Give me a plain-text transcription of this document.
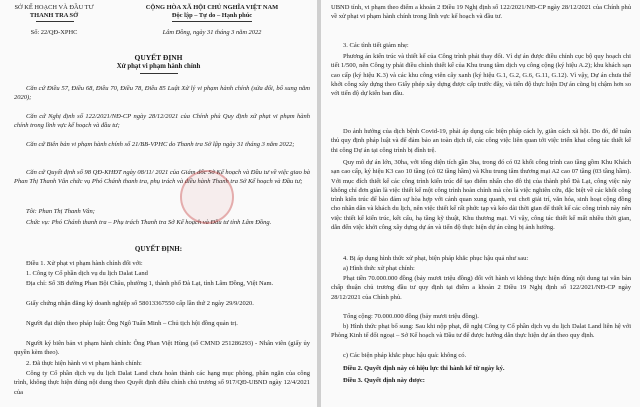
SỞ KẾ HOẠCH VÀ ĐẦU TƯ
THANH TRA SỞ
Số: 22/QĐ-XPHC
CỘNG HÒA XÃ HỘI CHỦ NGHĨA VIỆT NAM
Độc lập – Tự do – Hạnh phúc
Lâm Đồng, ngày 31 tháng 3 năm 2022
QUYẾT ĐỊNH
Xử phạt vi phạm hành chính
Căn cứ Điều 57, Điều 68, Điều 70, Điều 78, Điều 85 Luật Xử lý vi phạm hành chính (sửa đổi, bổ sung năm 2020);
Căn cứ Nghị định số 122/2021/NĐ-CP ngày 28/12/2021 của Chính phủ Quy định xử phạt vi phạm hành chính trong lĩnh vực kế hoạch và đầu tư;
Căn cứ Biên bản vi phạm hành chính số 21/BB-VPHC do Thanh tra Sở lập ngày 31 tháng 3 năm 2022;
Căn cứ Quyết định số 98 QĐ-KHĐT ngày 08/11/ 2021 của Giám đốc Sở Kế hoạch và Đầu tư về việc giao bà Phan Thị Thanh Vân chức vụ Phó Chánh thanh tra, phụ trách và điều hành Thanh tra Sở Kế hoạch và Đầu tư;
Tôi: Phan Thị Thanh Vân;
Chức vụ: Phó Chánh thanh tra – Phụ trách Thanh tra Sở Kế hoạch và Đầu tư tỉnh Lâm Đồng.
QUYẾT ĐỊNH:
Điều 1. Xử phạt vi phạm hành chính đối với:
1. Công ty Cổ phần dịch vụ du lịch Dalat Land
Địa chỉ: Số 3B đường Phan Bội Châu, phường 1, thành phố Đà Lạt, tỉnh Lâm Đồng, Việt Nam.
Giấy chứng nhận đăng ký doanh nghiệp số 58013367550 cấp lần thứ 2 ngày 29/9/2020.
Người đại diện theo pháp luật: Ông Ngô Tuấn Minh – Chủ tịch hội đồng quản trị.
Người ký biên bản vi phạm hành chính: Ông Phan Việt Hùng (số CMND 251286293) - Nhân viên (giấy ủy quyền kèm theo).
2. Đã thực hiện hành vi vi phạm hành chính:
Công ty Cổ phần dịch vụ du lịch Dalat Land chưa hoàn thành các hạng mục phòng, phân ngăn của công trình, không thực hiện đúng nội dung theo Quyết định điều chỉnh chủ trương số 917/QĐ-UBND ngày 12/4/2021 của
UBND tỉnh, vi phạm theo điểm a khoản 2 Điều 19 Nghị định số 122/2021/NĐ-CP ngày 28/12/2021 của Chính phủ về xử phạt vi phạm hành chính trong lĩnh vực kế hoạch và đầu tư.
3. Các tình tiết giảm nhẹ:
Phương án kiến trúc và thiết kế của Công trình phải thay đổi. Vì dự án được điều chỉnh cục bộ quy hoạch chi tiết 1/500, nên Công ty phải điều chỉnh thiết kế của Khu trung tâm dịch vụ công cộng (ký hiệu A.2); khu khách sạn cao cấp (ký hiệu K.3) và các khu công viên cây xanh (ký hiệu G.1, G.2, G.6, G.11, G.12). Vì vậy, Dự án chưa thể khởi công xây dựng theo Giấy phép xây dựng được cấp trước đây, và tiến độ thực hiện Dự án cũng bị chậm hơn so với tiến độ dự kiến ban đầu.
Do ảnh hưởng của dịch bệnh Covid-19, phải áp dụng các biện pháp cách ly, giãn cách xã hội. Do đó, để tuân thủ quy định pháp luật và để đảm bảo an toàn dịch tễ, các công việc liên quan tới việc triển khai công tác thiết kế thi công Dự án tại công trình bị đình trệ.
Quy mô dự án lớn, 30ha, với tổng diện tích gần 3ha, trong đó có 02 khối công trình cao tầng gồm Khu Khách sạn cao cấp, ký hiệu K3 cao 10 tầng (có 02 tầng hầm) và Khu trung tâm thương mại A2 cao 07 tầng (03 tầng hầm). Với mục đích thiết kế các công trình kiến trúc để tạo điểm nhấn cho đô thị của thành phố Đà Lạt, công việc này không chỉ đơn giản là việc thiết kế một công trình hoàn chỉnh mà còn là việc nghiên cứu, đặc biệt về các khối công trình kiến trúc để bảo đảm sự hòa hợp với cảnh quan xung quanh, vui chơi giải trí, văn hóa, sinh hoạt cộng đồng cho nhân dân và khách du lịch, nên việc thiết kế rất phức tạp và kéo dài thời gian để thiết kế các công trình này nên việc thiết kế kiến trúc, kết cấu, hạ tầng kỹ thuật, Khu thương mại. Vì vậy, công tác thiết kế mất nhiều thời gian, dẫn đến việc khởi công xây dựng dự án và tiến độ thực hiện dự án cũng bị ảnh hưởng.
4. Bị áp dụng hình thức xử phạt, biện pháp khắc phục hậu quả như sau:
a) Hình thức xử phạt chính:
Phạt tiền 70.000.000 đồng (bảy mươi triệu đồng) đối với hành vi không thực hiện đúng nội dung tại văn bản chấp thuận chủ trương đầu tư quy định tại điểm a khoản 2 Điều 19 Nghị định số 122/2021/NĐ-CP ngày 28/12/2021 của Chính phủ.
Tổng cộng: 70.000.000 đồng (bảy mươi triệu đồng).
b) Hình thức phạt bổ sung: Sau khi nộp phạt, đề nghị Công ty Cổ phần dịch vụ du lịch Dalat Land liên hệ với Phòng Kinh tế đối ngoại – Sở Kế hoạch và Đầu tư để được hướng dẫn thực hiện dự án theo quy định.
c) Các biện pháp khắc phục hậu quả: không có.
Điều 2. Quyết định này có hiệu lực thi hành kể từ ngày ký.
Điều 3. Quyết định này được:
